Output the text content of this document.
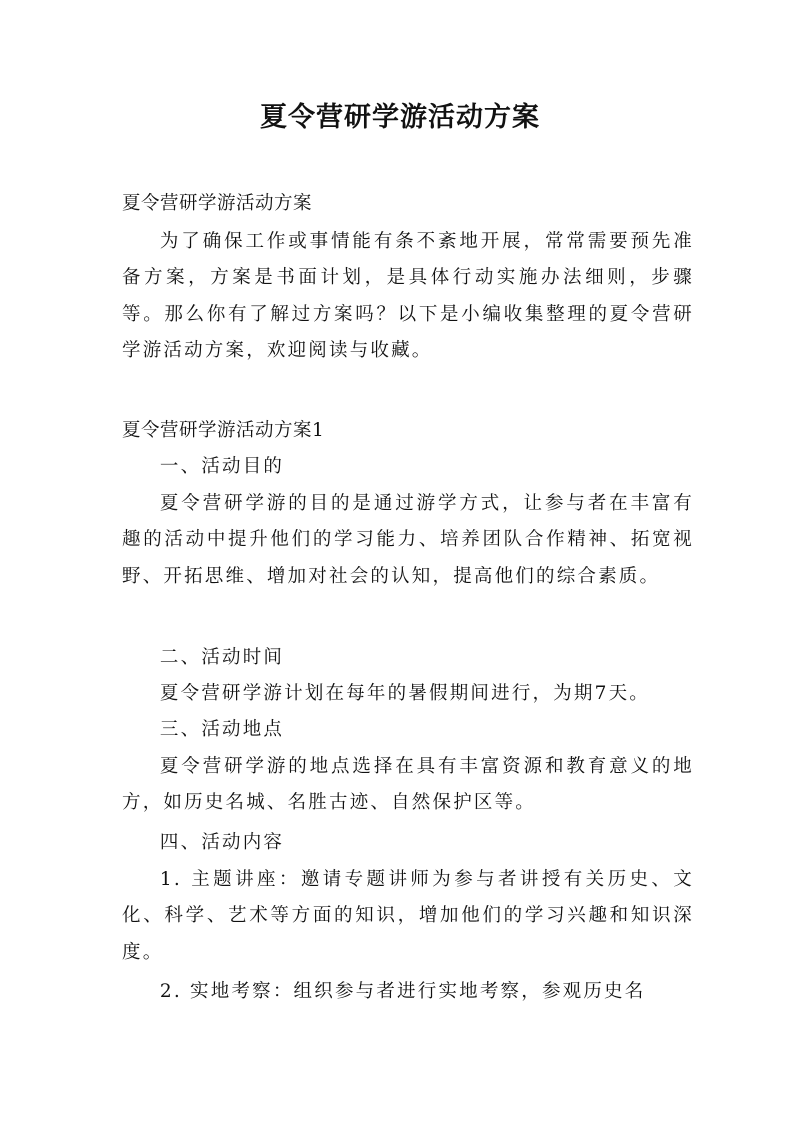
夏令营研学游活动方案
夏令营研学游活动方案

为了确保工作或事情能有条不紊地开展，常常需要预先准备方案，方案是书面计划，是具体行动实施办法细则，步骤等。那么你有了解过方案吗？以下是小编收集整理的夏令营研学游活动方案，欢迎阅读与收藏。

夏令营研学游活动方案1

一、活动目的

夏令营研学游的目的是通过游学方式，让参与者在丰富有趣的活动中提升他们的学习能力、培养团队合作精神、拓宽视野、开拓思维、增加对社会的认知，提高他们的综合素质。

二、活动时间

夏令营研学游计划在每年的暑假期间进行，为期7天。

三、活动地点

夏令营研学游的地点选择在具有丰富资源和教育意义的地方，如历史名城、名胜古迹、自然保护区等。

四、活动内容

1. 主题讲座：邀请专题讲师为参与者讲授有关历史、文化、科学、艺术等方面的知识，增加他们的学习兴趣和知识深度。

2. 实地考察：组织参与者进行实地考察，参观历史名
